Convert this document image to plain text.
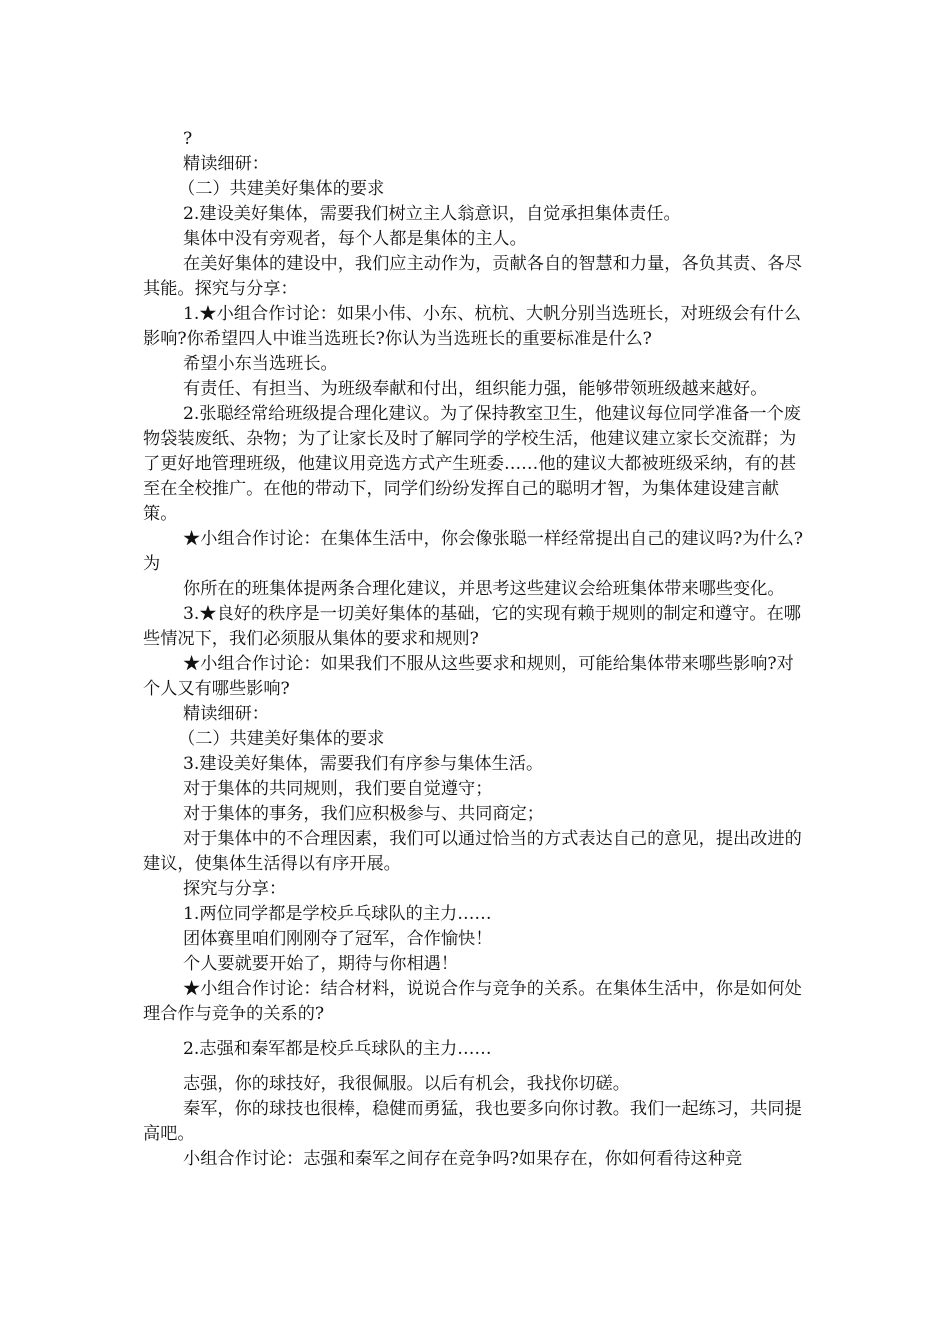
?

精读细研：

（二）共建美好集体的要求

2.建设美好集体，需要我们树立主人翁意识，自觉承担集体责任。

集体中没有旁观者，每个人都是集体的主人。

在美好集体的建设中，我们应主动作为，贡献各自的智慧和力量，各负其责、各尽其能。探究与分享：

1.★小组合作讨论：如果小伟、小东、杭杭、大帆分别当选班长，对班级会有什么影响?你希望四人中谁当选班长?你认为当选班长的重要标准是什么?

希望小东当选班长。

有责任、有担当、为班级奉献和付出，组织能力强，能够带领班级越来越好。

2.张聪经常给班级提合理化建议。为了保持教室卫生，他建议每位同学准备一个废物袋装废纸、杂物；为了让家长及时了解同学的学校生活，他建议建立家长交流群；为了更好地管理班级，他建议用竞选方式产生班委……他的建议大都被班级采纳，有的甚至在全校推广。在他的带动下，同学们纷纷发挥自己的聪明才智，为集体建设建言献策。

★小组合作讨论：在集体生活中，你会像张聪一样经常提出自己的建议吗?为什么?为

你所在的班集体提两条合理化建议，并思考这些建议会给班集体带来哪些变化。

3.★良好的秩序是一切美好集体的基础，它的实现有赖于规则的制定和遵守。在哪些情况下，我们必须服从集体的要求和规则?

★小组合作讨论：如果我们不服从这些要求和规则，可能给集体带来哪些影响?对个人又有哪些影响?

精读细研：

（二）共建美好集体的要求

3.建设美好集体，需要我们有序参与集体生活。

对于集体的共同规则，我们要自觉遵守；

对于集体的事务，我们应积极参与、共同商定；

对于集体中的不合理因素，我们可以通过恰当的方式表达自己的意见，提出改进的建议，使集体生活得以有序开展。

探究与分享：

1.两位同学都是学校乒乓球队的主力……

团体赛里咱们刚刚夺了冠军，合作愉快！

个人要就要开始了，期待与你相遇！

★小组合作讨论：结合材料，说说合作与竞争的关系。在集体生活中，你是如何处理合作与竞争的关系的?

2.志强和秦军都是校乒乓球队的主力……

志强，你的球技好，我很佩服。以后有机会，我找你切磋。

秦军，你的球技也很棒，稳健而勇猛，我也要多向你讨教。我们一起练习，共同提高吧。

小组合作讨论：志强和秦军之间存在竞争吗?如果存在，你如何看待这种竞
